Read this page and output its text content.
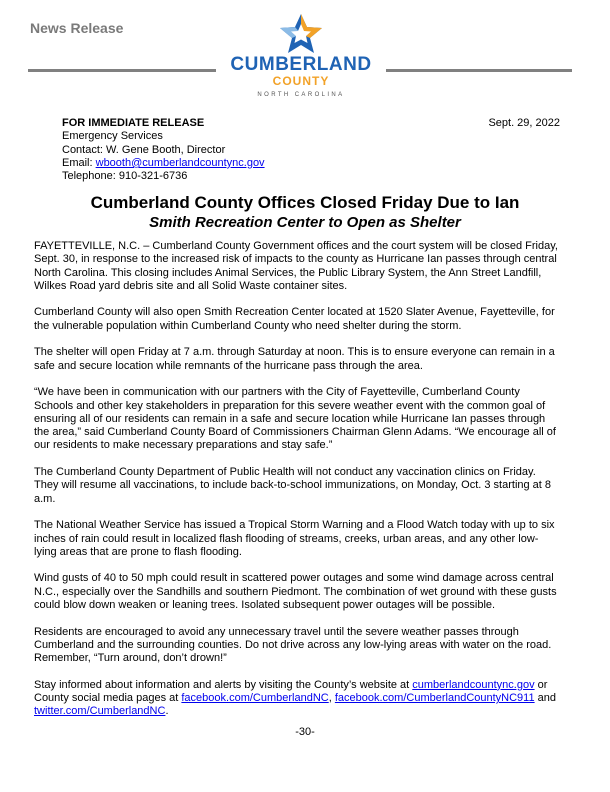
News Release
CUMBERLAND
COUNTY
NORTH CAROLINA
FOR IMMEDIATE RELEASE
Emergency Services
Contact: W. Gene Booth, Director
Email: wbooth@cumberlandcountync.gov
Telephone: 910-321-6736
Sept. 29, 2022
Cumberland County Offices Closed Friday Due to Ian
Smith Recreation Center to Open as Shelter

FAYETTEVILLE, N.C. – Cumberland County Government offices and the court system will be closed Friday, Sept. 30, in response to the increased risk of impacts to the county as Hurricane Ian passes through central North Carolina. This closing includes Animal Services, the Public Library System, the Ann Street Landfill, Wilkes Road yard debris site and all Solid Waste container sites.

Cumberland County will also open Smith Recreation Center located at 1520 Slater Avenue, Fayetteville, for the vulnerable population within Cumberland County who need shelter during the storm.

The shelter will open Friday at 7 a.m. through Saturday at noon. This is to ensure everyone can remain in a safe and secure location while remnants of the hurricane pass through the area.

“We have been in communication with our partners with the City of Fayetteville, Cumberland County Schools and other key stakeholders in preparation for this severe weather event with the common goal of ensuring all of our residents can remain in a safe and secure location while Hurricane Ian passes through the area,” said Cumberland County Board of Commissioners Chairman Glenn Adams. “We encourage all of our residents to make necessary preparations and stay safe.”

The Cumberland County Department of Public Health will not conduct any vaccination clinics on Friday. They will resume all vaccinations, to include back-to-school immunizations, on Monday, Oct. 3 starting at 8 a.m.

The National Weather Service has issued a Tropical Storm Warning and a Flood Watch today with up to six inches of rain could result in localized flash flooding of streams, creeks, urban areas, and any other low-lying areas that are prone to flash flooding.

Wind gusts of 40 to 50 mph could result in scattered power outages and some wind damage across central N.C., especially over the Sandhills and southern Piedmont. The combination of wet ground with these gusts could blow down weaken or leaning trees. Isolated subsequent power outages will be possible.

Residents are encouraged to avoid any unnecessary travel until the severe weather passes through Cumberland and the surrounding counties. Do not drive across any low-lying areas with water on the road. Remember, “Turn around, don’t drown!”

Stay informed about information and alerts by visiting the County’s website at cumberlandcountync.gov or County social media pages at facebook.com/CumberlandNC, facebook.com/CumberlandCountyNC911 and twitter.com/CumberlandNC.

-30-
